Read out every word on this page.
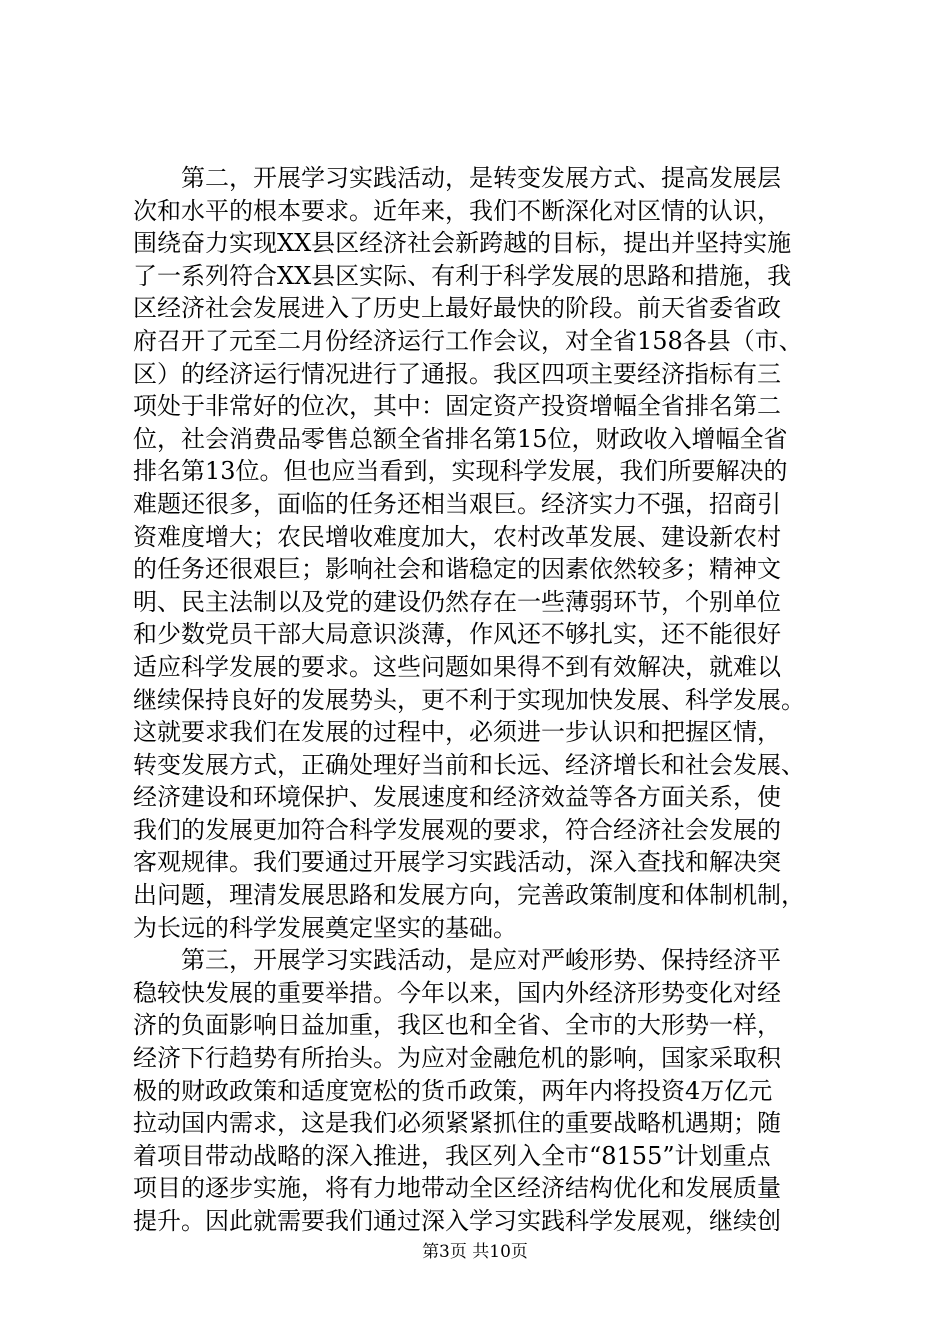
　　第二，开展学习实践活动，是转变发展方式、提高发展层
次和水平的根本要求。近年来，我们不断深化对区情的认识，
围绕奋力实现XX县区经济社会新跨越的目标，提出并坚持实施
了一系列符合XX县区实际、有利于科学发展的思路和措施，我
区经济社会发展进入了历史上最好最快的阶段。前天省委省政
府召开了元至二月份经济运行工作会议，对全省158各县（市、
区）的经济运行情况进行了通报。我区四项主要经济指标有三
项处于非常好的位次，其中：固定资产投资增幅全省排名第二
位，社会消费品零售总额全省排名第15位，财政收入增幅全省
排名第13位。但也应当看到，实现科学发展，我们所要解决的
难题还很多，面临的任务还相当艰巨。经济实力不强，招商引
资难度增大；农民增收难度加大，农村改革发展、建设新农村
的任务还很艰巨；影响社会和谐稳定的因素依然较多；精神文
明、民主法制以及党的建设仍然存在一些薄弱环节，个别单位
和少数党员干部大局意识淡薄，作风还不够扎实，还不能很好
适应科学发展的要求。这些问题如果得不到有效解决，就难以
继续保持良好的发展势头，更不利于实现加快发展、科学发展。
这就要求我们在发展的过程中，必须进一步认识和把握区情，
转变发展方式，正确处理好当前和长远、经济增长和社会发展、
经济建设和环境保护、发展速度和经济效益等各方面关系，使
我们的发展更加符合科学发展观的要求，符合经济社会发展的
客观规律。我们要通过开展学习实践活动，深入查找和解决突
出问题，理清发展思路和发展方向，完善政策制度和体制机制，
为长远的科学发展奠定坚实的基础。
　　第三，开展学习实践活动，是应对严峻形势、保持经济平
稳较快发展的重要举措。今年以来，国内外经济形势变化对经
济的负面影响日益加重，我区也和全省、全市的大形势一样，
经济下行趋势有所抬头。为应对金融危机的影响，国家采取积
极的财政政策和适度宽松的货币政策，两年内将投资4万亿元
拉动国内需求，这是我们必须紧紧抓住的重要战略机遇期；随
着项目带动战略的深入推进，我区列入全市“8155”计划重点
项目的逐步实施，将有力地带动全区经济结构优化和发展质量
提升。因此就需要我们通过深入学习实践科学发展观，继续创
第3页 共10页
